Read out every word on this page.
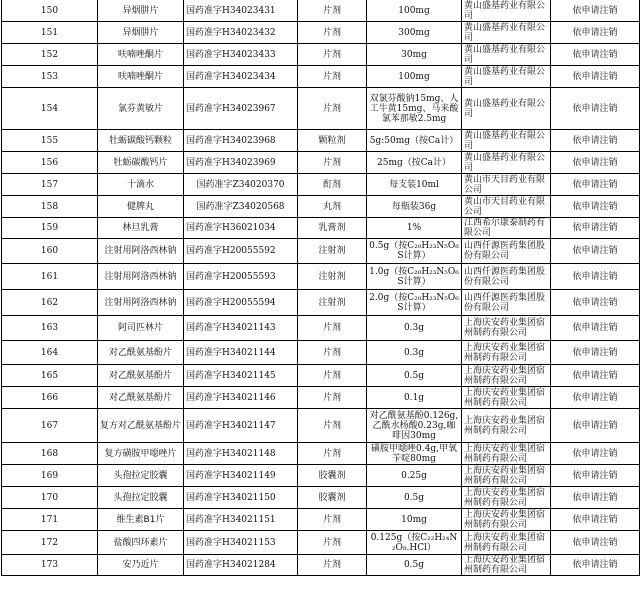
150	异烟肼片	国药准字H34023431	片剂	100mg	黄山盛基药业有限公司	依申请注销
151	异烟肼片	国药准字H34023432	片剂	300mg	黄山盛基药业有限公司	依申请注销
152	呋喃唑酮片	国药准字H34023433	片剂	30mg	黄山盛基药业有限公司	依申请注销
153	呋喃唑酮片	国药准字H34023434	片剂	100mg	黄山盛基药业有限公司	依申请注销
154	氯芬黄敏片	国药准字H34023967	片剂	双氯芬酸钠15mg、人工牛黄15mg、马来酸氯苯那敏2.5mg	黄山盛基药业有限公司	依申请注销
155	牡蛎碳酸钙颗粒	国药准字H34023968	颗粒剂	5g:50mg（按Ca计）	黄山盛基药业有限公司	依申请注销
156	牡蛎碳酸钙片	国药准字H34023969	片剂	25mg（按Ca计）	黄山盛基药业有限公司	依申请注销
157	十滴水	国药准字Z34020370	酊剂	每支装10ml	黄山市天目药业有限公司	依申请注销
158	健脾丸	国药准字Z34020568	丸剂	每瓶装36g	黄山市天目药业有限公司	依申请注销
159	林旦乳膏	国药准字H36021034	乳膏剂	1%	江西希尔康泰制药有限公司	依申请注销
160	注射用阿洛西林钠	国药准字H20055592	注射剂	0.5g（按C₂₀H₂₃N₅O₆S计算）	山西仟源医药集团股份有限公司	依申请注销
161	注射用阿洛西林钠	国药准字H20055593	注射剂	1.0g（按C₂₀H₂₃N₅O₆S计算）	山西仟源医药集团股份有限公司	依申请注销
162	注射用阿洛西林钠	国药准字H20055594	注射剂	2.0g（按C₂₀H₂₃N₅O₆S计算）	山西仟源医药集团股份有限公司	依申请注销
163	阿司匹林片	国药准字H34021143	片剂	0.3g	上海庆安药业集团宿州制药有限公司	依申请注销
164	对乙酰氨基酚片	国药准字H34021144	片剂	0.3g	上海庆安药业集团宿州制药有限公司	依申请注销
165	对乙酰氨基酚片	国药准字H34021145	片剂	0.5g	上海庆安药业集团宿州制药有限公司	依申请注销
166	对乙酰氨基酚片	国药准字H34021146	片剂	0.1g	上海庆安药业集团宿州制药有限公司	依申请注销
167	复方对乙酰氨基酚片	国药准字H34021147	片剂	对乙酰氨基酚0.126g,乙酰水杨酸0.23g,咖啡因30mg	上海庆安药业集团宿州制药有限公司	依申请注销
168	复方磺胺甲噁唑片	国药准字H34021148	片剂	磺胺甲噁唑0.4g,甲氧苄啶80mg	上海庆安药业集团宿州制药有限公司	依申请注销
169	头孢拉定胶囊	国药准字H34021149	胶囊剂	0.25g	上海庆安药业集团宿州制药有限公司	依申请注销
170	头孢拉定胶囊	国药准字H34021150	胶囊剂	0.5g	上海庆安药业集团宿州制药有限公司	依申请注销
171	维生素B1片	国药准字H34021151	片剂	10mg	上海庆安药业集团宿州制药有限公司	依申请注销
172	盐酸四环素片	国药准字H34021153	片剂	0.125g（按C₂₂H₂₄N₂O₈.HCl）	上海庆安药业集团宿州制药有限公司	依申请注销
173	安乃近片	国药准字H34021284	片剂	0.5g	上海庆安药业集团宿州制药有限公司	依申请注销
